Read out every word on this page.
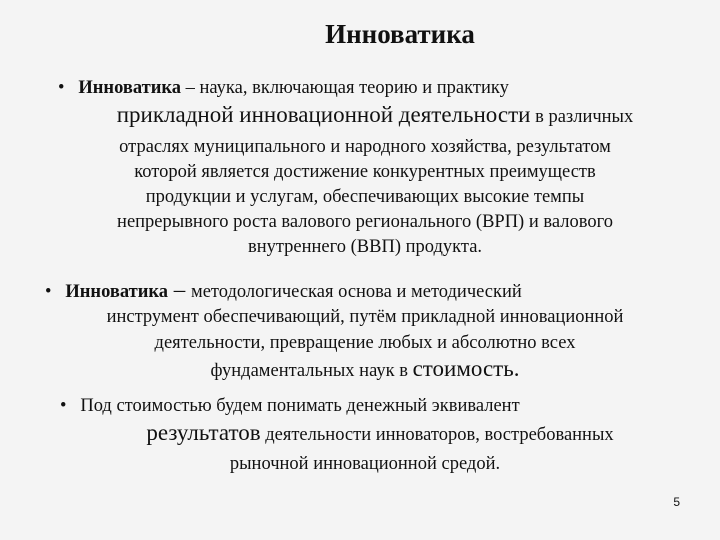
Инноватика
• Инноватика – наука, включающая теорию и практику
прикладной инновационной деятельности в различных
отраслях муниципального и народного хозяйства, результатом
которой является достижение конкурентных преимуществ
продукции и услугам, обеспечивающих высокие темпы
непрерывного роста валового регионального (ВРП) и валового
внутреннего (ВВП) продукта.
• Инноватика – методологическая основа и методический
инструмент обеспечивающий, путём прикладной инновационной
деятельности, превращение любых и абсолютно всех
фундаментальных наук в стоимость.
• Под стоимостью будем понимать денежный эквивалент
результатов деятельности инноваторов, востребованных
рыночной инновационной средой.
5
